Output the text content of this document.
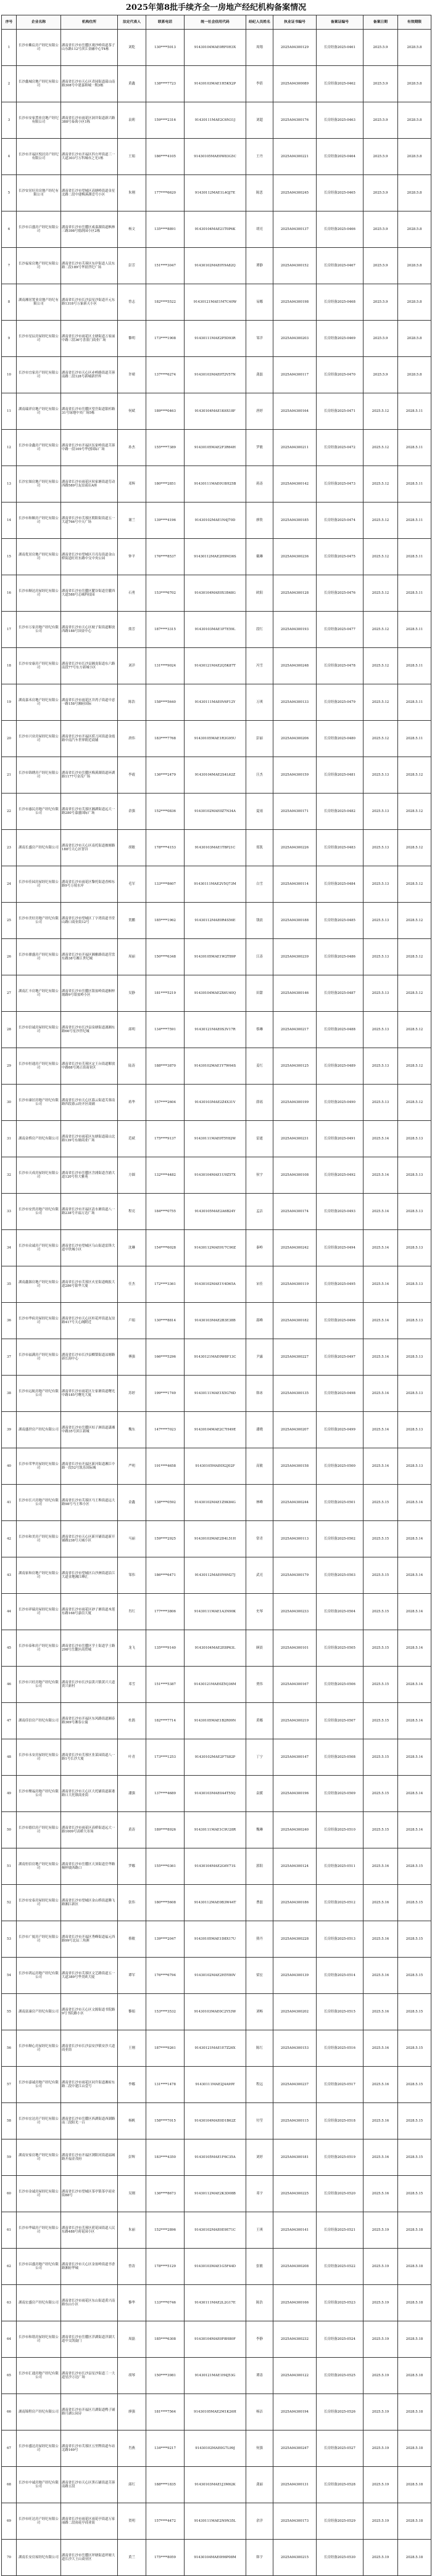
2025年第8批手续齐全一房地产经纪机构备案情况
序号	企业名称	机构住所	法定代表人	联系电话	统一社会信用代码	经纪人员姓名	执业证书编号	备案证编号	备案日期	有效期限
1	长沙市紫宸房产经纪有限公司	湖南省长沙市岳麓区观沙岭街道茶子山东路112号滨江金融中心T4栋	刘乾	130****5013	91430104MAE0RF0H3X	周翔	2025A04300129	长房经备2025-0461	2025.5.9	2028.5.8
2	长沙鑫城房地产经纪有限公司	湖南省长沙市天心区青园街道韶山南路308号中建嘉和城一期3栋	黄鑫	138****7723	91430103MAE1H5KX2P	李倩	2025A04300089	长房经备2025-0462	2025.5.9	2028.5.8
3	长沙市安家置业房地产经纪有限公司	湖南省长沙市雨花区洞井街道新兴路388号泰禹小区1栋	袁莉	159****2316	91430111MAE2C6N31J	刘超	2025A04300176	长房经备2025-0463	2025.5.9	2028.5.8
4	长沙市开福区悦居房产经纪有限公司	湖南省长沙市开福区四方坪街道三一大道303号万科城市之光1栋	王娟	186****4105	91430105MAE0W83G5C	王丹	2025A04300221	长房经备2025-0464	2025.5.9	2028.5.8
5	长沙安居好房房地产经纪有限公司	湖南省长沙市望城区高塘岭街道金星北路二段中建梅溪湖壹号小区	朱刚	177****6620	91430112MAE1L4QJ7E	陈思	2025A04300245	长房经备2025-0465	2025.5.9	2028.5.8
6	长沙市百盛房产经纪有限公司	湖南省长沙市岳麓区咸嘉湖街道枫林三路398号德润园小区2栋	杨文	135****8891	91430104MAE21T0P6K	胡亮	2025A04300137	长房经备2025-0466	2025.5.9	2028.5.8
7	长沙福家房地产经纪有限公司	湖南省长沙市芙蓉区东岸街道人民东路二段189号华晨世纪广场	彭芳	151****3047	91430102MAE0Y9A82Q	谭静	2025A04300152	长房经备2025-0467	2025.5.9	2028.5.8
8	湖南湘居置业房地产经纪有限公司	湖南省长沙市长沙县星沙街道开元东路1318号万象新天小区	曾志	182****5522	91430121MAE1M7C40W	易娜	2025A04300198	长房经备2025-0468	2025.5.9	2028.5.8
9	长沙市星辰房屋经纪有限公司	湖南省长沙市雨花区圭塘街道万家丽中路三段36号喜盈门商业广场	黎明	173****1908	91430111MAE2P5D93R	邹洋	2025A04300203	长房经备2025-0469	2025.5.9	2028.5.8
10	长沙市宜家房产经纪有限公司	湖南省长沙市天心区赤岭路街道芙蓉南路二段128号新城新世界	许晴	137****6274	91430103MAE0T2V57N	龚磊	2025A04300117	长房经备2025-0470	2025.5.9	2028.5.8
11	湖南瑞祥房地产经纪有限公司	湖南省长沙市岳麓区望岳街道银杉路31号绿地中央广场5栋	何斌	189****0463	91430104MAE1K6X18F	唐婷	2025A04300164	长房经备2025-0471	2025.5.12	2028.5.11
12	长沙市金鑫房产经纪有限公司	湖南省长沙市开福区伍家岭街道芙蓉中路一段109号华创国际广场	孙杰	155****7389	91430105MAE2F3R64H	罗敏	2025A04300211	长房经备2025-0472	2025.5.12	2028.5.11
13	长沙宏图房地产经纪有限公司	湖南省长沙市雨花区侯家塘街道劳动西路589号友谊商店A座	邓辉	180****2851	91430111MAE0U8H25B	蒋涛	2025A04300142	长房经备2025-0473	2025.5.12	2028.5.11
14	长沙市和顺房产经纪有限公司	湖南省长沙市芙蓉区朝阳街街道五一大道766号中天广场	谢兰	139****4196	91430102MAE1N4J70D	廖欣	2025A04300185	长房经备2025-0474	2025.5.12	2028.5.11
15	湖南优居房地产经纪有限公司	湖南省长沙市望城区月亮岛街道金山桥街道旺旺东路中交中央公园	钟平	176****8537	91430112MAE2H9M36S	戴琳	2025A04300236	长房经备2025-0475	2025.5.12	2028.5.11
16	长沙市顺达房屋经纪有限公司	湖南省长沙市岳麓区麓谷街道岳麓西大道588号芯城科技园	石勇	153****6702	91430104MAE0X1B48G	欧阳	2025A04300128	长房经备2025-0476	2025.5.12	2028.5.11
17	长沙市万家房地产经纪有限公司	湖南省长沙市天心区坡子街街道解放西路188号国金中心	熊芳	187****3315	91430103MAE1P7E59L	段红	2025A04300193	长房经备2025-0477	2025.5.12	2028.5.11
18	长沙市安康房产经纪有限公司	湖南省长沙市长沙县湘龙街道东六路南段77号东方新城小区	刘洋	131****9024	91430121MAE2Q5K87T	冯雪	2025A04300248	长房经备2025-0478	2025.5.12	2028.5.11
19	湖南嘉禾房地产经纪有限公司	湖南省长沙市雨花区井湾子街道中意一路158号湘府国际	陈浩	158****5640	91430111MAE0V6F12Y	万琪	2025A04300133	长房经备2025-0479	2025.5.12	2028.5.11
20	长沙市兴业房屋经纪有限公司	湖南省长沙市开福区捞刀河街道金霞路中南汽车世界附近商铺	唐伟	183****7768	91430105MAE1R3G95U	彭丽	2025A04300206	长房经备2025-0480	2025.5.12	2028.5.11
21	长沙市锦绣房产经纪有限公司	湖南省长沙市岳麓区梅溪湖街道环湖路1177号金茂广场	李霞	136****2479	91430104MAE2S4L62Z	汪杰	2025A04300159	长房经备2025-0481	2025.5.13	2028.5.12
22	长沙市惠民房地产经纪有限公司	湖南省长沙市芙蓉区湘湖街道远大一路280号嘉盛国际广场	余强	152****0836	91430102MAE0Z7N34A	夏雨	2025A04300171	长房经备2025-0482	2025.5.13	2028.5.12
23	湖南长盛房产经纪有限公司	湖南省长沙市天心区南托街道披塘路188号天心区智谷	胡敏	178****4153	91430103MAE1T8P21C	郑凯	2025A04300226	长房经备2025-0483	2025.5.13	2028.5.12
24	长沙市佳园房屋经纪有限公司	湖南省长沙市雨花区黎托街道香樟东路9号万境水岸	毛军	133****8607	91430111MAE2V5Q73M	白雪	2025A04300114	长房经备2025-0484	2025.5.13	2028.5.12
25	长沙市美好房地产经纪有限公司	湖南省长沙市望城区丁字湾街道书堂山路口商业街12号	贺鹏	185****1962	91430112MAE0R4S56E	钱晨	2025A04300188	长房经备2025-0485	2025.5.13	2028.5.12
26	长沙市鼎盛房产经纪有限公司	湖南省长沙市开福区湘雅路街道营盘东路38号湘江世纪城	周丽	150****6348	91430105MAE1W2T89P	江涛	2025A04300239	长房经备2025-0486	2025.5.13	2028.5.12
27	湖南汇丰房地产经纪有限公司	湖南省长沙市岳麓区银盆岭街道桐梓坡路9号银盆岭小区	吴静	181****5219	91430104MAE2X6U40Q	田甜	2025A04300146	长房经备2025-0487	2025.5.13	2028.5.12
28	长沙市信诚房屋经纪有限公司	湖南省长沙市长沙县泉塘街道漓湘东路66号星沙世纪城	邱明	134****7591	91430121MAE0S3V17R	蔡琳	2025A04300217	长房经备2025-0488	2025.5.13	2028.5.12
29	长沙市恒通房产经纪有限公司	湖南省长沙市芙蓉区定王台街道解放中路88号浏正街商业区	陆涛	188****3870	91430102MAE1Y7W64S	姜红	2025A04300125	长房经备2025-0489	2025.5.13	2028.5.12
30	长沙市康居房地产经纪有限公司	湖南省长沙市天心区暮云街道芙蓉南路四段暮云经开区商铺	蒋华	157****2604	91430103MAE2Z4X31V	薛瑶	2025A04300199	长房经备2025-0490	2025.5.13	2028.5.12
31	湖南金桥房产经纪有限公司	湖南省长沙市雨花区东塘街道韶山北路139号东塘商业广场	范斌	175****9137	91430111MAE0T5Y82W	雷霆	2025A04300231	长房经备2025-0491	2025.5.14	2028.5.13
32	长沙市天成房屋经纪有限公司	湖南省长沙市岳麓区含浦街道含浦大道120号恒大雅苑	方圆	132****4482	91430104MAE1U9Z57X	侯宇	2025A04300108	长房经备2025-0492	2025.5.14	2028.5.13
33	长沙市安然房地产经纪有限公司	湖南省长沙市开福区清水塘街道八一路238号开福万达广场	程亮	184****0755	91430105MAE2A6B24Y	孟洁	2025A04300174	长房经备2025-0493	2025.5.14	2028.5.13
34	长沙市众诚房产经纪有限公司	湖南省长沙市望城区乌山街道雷锋大道中铁城小区	沈琳	154****6028	91430112MAE0U7C90Z	秦岭	2025A04300242	长房经备2025-0494	2025.5.14	2028.5.13
35	湖南鑫源房地产经纪有限公司	湖南省长沙市芙蓉区火星街道晚报大道286号银华大厦	任杰	172****3361	91430102MAE1V4D65A	宋佳	2025A04300119	长房经备2025-0495	2025.5.14	2028.5.13
36	长沙市华府房屋经纪有限公司	湖南省长沙市天心区桂花坪街道友谊路417号天心阁附近	卢娟	130****8814	91430103MAE2B3E38B	邵峰	2025A04300182	长房经备2025-0496	2025.5.14	2028.5.13
37	长沙市福满房产经纪有限公司	湖南省长沙市长沙县榔梨街道凉塘路新长海中心	傅强	166****5296	91430121MAE0W8F13C	尹露	2025A04300227	长房经备2025-0497	2025.5.14	2028.5.13
38	长沙市远航房地产经纪有限公司	湖南省长沙市雨花区左家塘街道曙光中路185号曙光大厦	苏婷	199****1749	91430111MAE1X5G76D	韩冰	2025A04300135	长房经备2025-0498	2025.5.14	2028.5.13
39	湖南盛世房产经纪有限公司	湖南省长沙市岳麓区桔子洲街道潇湘中路35号滨江新城	魏东	147****7023	91430104MAE2C7H49E	潘晓	2025A04300207	长房经备2025-0499	2025.5.14	2028.5.13
40	长沙市荣华房屋经纪有限公司	湖南省长沙市开福区新河街道湘江中路一段52号凯乐国际城	严明	191****4658	91430105MAE0X2J02F	高敏	2025A04300158	长房经备2025-0500	2025.5.14	2028.5.13
41	长沙市长兴房地产经纪有限公司	湖南省长沙市芙蓉区马王堆街道远大路98号马王堆小区	金鑫	138****0592	91430102MAE1Z9K84G	林峰	2025A04300244	长房经备2025-0501	2025.5.15	2028.5.14
42	长沙市和美房产经纪有限公司	湖南省长沙市天心区新开铺街道新开铺路238号天城小区	马丽	159****2925	91430103MAE2D4L51H	常青	2025A04300113	长房经备2025-0502	2025.5.15	2028.5.14
43	湖南家和房地产经纪有限公司	湖南省长沙市望城区白沙洲街道沿江大道金地湘江峰汇	邹伟	186****6471	91430112MAE0Y6M27J	武亮	2025A04300179	长房经备2025-0503	2025.5.15	2028.5.14
44	长沙市祥瑞房屋经纪有限公司	湖南省长沙市雨花区砂子塘街道木莲东路168号嘉信大厦	肖红	177****3806	91430111MAE1A3N90K	史琴	2025A04300233	长房经备2025-0504	2025.5.15	2028.5.14
45	长沙市泰和房产经纪有限公司	湖南省长沙市岳麓区学士街道学士路298号岳麓区商贸城	龙飞	135****9140	91430104MAE2E8P63L	顾晨	2025A04300101	长房经备2025-0505	2025.5.15	2028.5.14
46	长沙市兴旺房地产经纪有限公司	湖南省长沙市长沙县黄兴镇黄兴大道黄兴新村	邓雪	151****5387	91430121MAE0Z5Q36M	贾伟	2025A04300167	长房经备2025-0506	2025.5.15	2028.5.14
47	湖南佳信房产经纪有限公司	湖南省长沙市开福区东风路街道湘春路369号湘春公寓	杜鹃	182****7714	91430105MAE1B2R09N	黄娜	2025A04300219	长房经备2025-0507	2025.5.15	2028.5.14
48	长沙市永安房屋经纪有限公司	湖南省长沙市芙蓉区韭菜园街道八一路1号长沙大厦	叶青	173****1253	91430102MAE2F7S82P	丁宁	2025A04300147	长房经备2025-0508	2025.5.15	2028.5.14
49	长沙市聚福房地产经纪有限公司	湖南省长沙市天心区大托铺街道新港路口大托镇商业街	潘强	137****4689	91430103MAE0A4T55Q	袁媛	2025A04300196	长房经备2025-0509	2025.5.15	2028.5.14
50	长沙市德信房产经纪有限公司	湖南省长沙市雨花区高桥街道远大一路1009号高桥大市场	黄涛	189****8926	91430111MAE1C9U28R	魏琳	2025A04300240	长房经备2025-0510	2025.5.15	2028.5.14
51	湖南恒信房地产经纪有限公司	湖南省长沙市岳麓区天顶街道岳华路桐梓坡西路口	罗娜	155****0361	91430104MAE2G6V71S	郭阳	2025A04300124	长房经备2025-0511	2025.5.16	2028.5.15
52	长沙市安泰房屋经纪有限公司	湖南省长沙市望城区金山桥街道腾飞路湘江新区	张伟	180****5608	91430112MAE0B3W44T	曹磊	2025A04300186	长房经备2025-0512	2025.5.16	2028.5.15
53	长沙市广厦房产经纪有限公司	湖南省长沙市开福区秀峰街道福元西路99号北辰三角洲	蔡敏	139****2047	91430105MAE1D8X17U	熊丹	2025A04300228	长房经备2025-0513	2025.5.16	2028.5.15
54	长沙市鸿运房地产经纪有限公司	湖南省长沙市芙蓉区文艺路街道五一大道389号华美欧大厦	谭军	176****6794	91430102MAE2H5Y80V	梁宏	2025A04300139	长房经备2025-0514	2025.5.16	2028.5.15
55	湖南富康房产经纪有限公司	湖南省长沙市天心区文源街道书院路9号书院路小区	黎娟	153****3532	91430103MAE0C2Y53W	刘畅	2025A04300202	长房经备2025-0515	2025.5.16	2028.5.15
56	长沙市顺心房屋经纪有限公司	湖南省长沙市长沙县安沙镇安沙大道商业街	王刚	187****9261	91430121MAE1E7Z26X	陈红	2025A04300153	长房经备2025-0516	2025.5.16	2028.5.15
57	长沙市嘉诚房地产经纪有限公司	湖南省长沙市雨花区同升街道湘府东路二段中建江山壹号	李娜	131****1478	91430111MAE2J4A99Y	程远	2025A04300237	长房经备2025-0517	2025.5.16	2028.5.15
58	长沙市宏达房产经纪有限公司	湖南省长沙市岳麓区西湖街道西湖路南三段阳光一百	杨帆	158****7015	91430104MAE0D1B62Z	付莹	2025A04300115	长房经备2025-0518	2025.5.16	2028.5.15
59	湖南安家房地产经纪有限公司	湖南省长沙市开福区浏阳河街道福城路开福金茂府	彭辉	183****4350	91430105MAE1F6C35A	刘婷	2025A04300181	长房经备2025-0519	2025.5.16	2028.5.15
60	长沙市金诚房屋经纪有限公司	湖南省长沙市望城区茶亭镇茶亭商业街88号	吴刚	136****8673	91430112MAE2K3D08B	邓宇	2025A04300225	长房经备2025-0520	2025.5.16	2028.5.15
61	长沙市华瑞房产经纪有限公司	湖南省长沙市芙蓉区荷花园街道人民东路488号荷花园小区	朱丽	152****2896	91430102MAE0E9E71C	王琪	2025A04300141	长房经备2025-0521	2025.5.19	2028.5.18
62	长沙市昌盛房地产经纪有限公司	湖南省长沙市天心区金盆岭街道书香路湘府华城	曾涛	178****5129	91430103MAE1G5F44D	张敏	2025A04300208	长房经备2025-0522	2025.5.19	2028.5.18
63	湖南宏盛房产经纪有限公司	湖南省长沙市雨花区东山街道黄兴南路东山小区	黎华	133****0746	91430111MAE2L2G17E	陈浩	2025A04300166	长房经备2025-0523	2025.5.19	2028.5.18
64	长沙市和谐房屋经纪有限公司	湖南省长沙市岳麓区洋湖街道洋湖大道中交凯旋门	周磊	185****6308	91430104MAE0F8H80F	李静	2025A04300232	长房经备2025-0524	2025.5.19	2028.5.18
65	长沙市汇通房地产经纪有限公司	湖南省长沙市长沙县星沙街道三一大道星沙万达广场	胡琴	150****3981	91430121MAE1H4J53G	谭涛	2025A04300122	长房经备2025-0525	2025.5.19	2028.5.18
66	湖南锦程房产经纪有限公司	湖南省长沙市开福区月湖街道鸭子铺路月湖公园旁	廖强	181****7564	91430105MAE2M1K26H	杨洁	2025A04300194	长房经备2025-0526	2025.5.19	2028.5.18
67	长沙市盛达房屋经纪有限公司	湖南省长沙市芙蓉区五里牌街道车站北路169号	肖燕	134****9217	91430102MAE0G7L99J	何强	2025A04300247	长房经备2025-0527	2025.5.19	2028.5.18
68	长沙市中诚房地产经纪有限公司	湖南省长沙市天心区黑石铺街道芙蓉南路五段	邱红	188****1835	91430103MAE1J3M62K	龚丽	2025A04300131	长房经备2025-0528	2025.5.19	2028.5.18
69	长沙市旺达房产经纪有限公司	湖南省长沙市雨花区雨花亭街道万家丽路二段雨花亭商业街	贺明	157****4472	91430111MAE2N9N35L	余洋	2025A04300173	长房经备2025-0529	2025.5.19	2028.5.18
70	湖南长安房屋经纪有限公司	湖南省长沙市岳麓区坪塘街道坪塘大道长沙大王山商业区	黄兰	175****8059	91430104MAE0H6P08M	韩宇	2025A04300215	长房经备2025-0530	2025.5.19	2028.5.18
